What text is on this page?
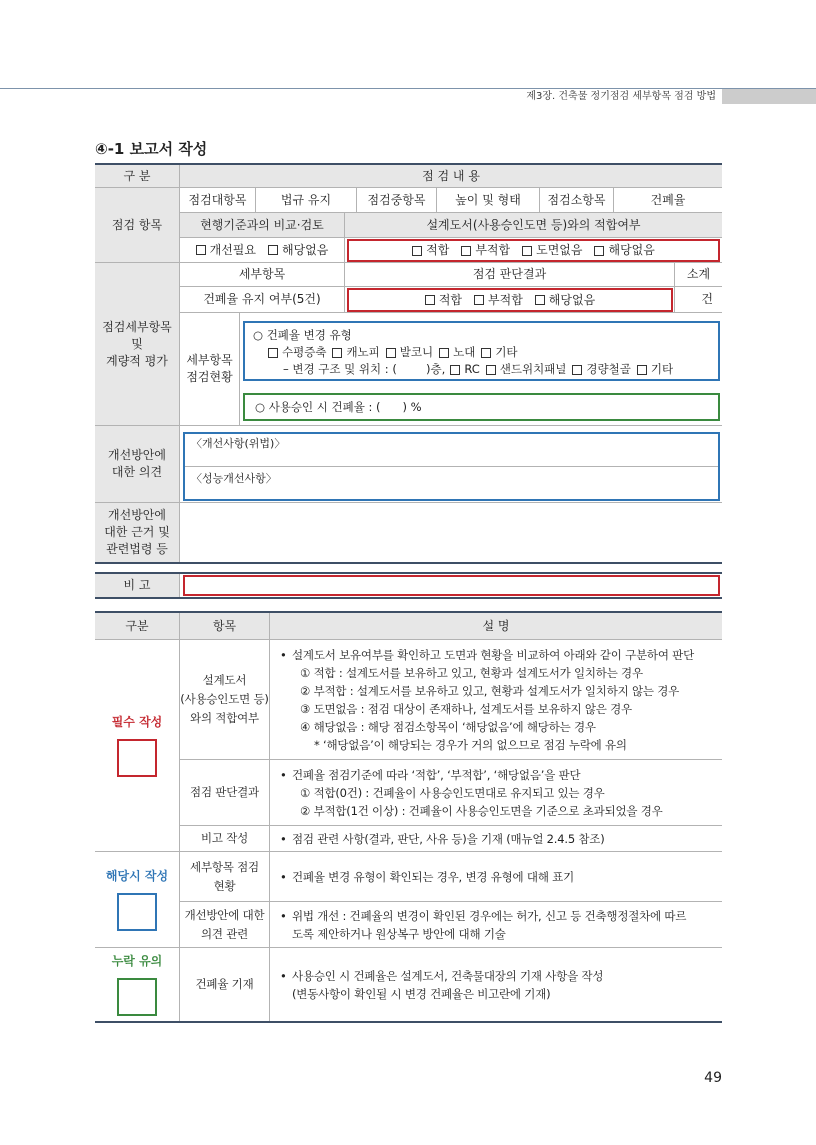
제3장. 건축물 정기점검 세부항목 점검 방법
④-1 보고서 작성
구 분	점 검 내 용
점검 항목
점검대항목	법규 유지	점검중항목	높이 및 형태	점검소항목	건폐율
현행기준과의 비교·검토	설계도서(사용승인도면 등)와의 적합여부
개선필요 해당없음	적합 부적합 도면없음 해당없음
점검세부항목
및
계량적 평가
세부항목	점검 판단결과	소계
건폐율 유지 여부(5건)	적합 부적합 해당없음	건
세부항목
점검현황
○ 건폐율 변경 유형
수평증축 캐노피 발코니 노대 기타
– 변경 구조 및 위치 : (        )층, RC 샌드위치패널 경량철골 기타
○ 사용승인 시 건폐율 : (      ) %
개선방안에
대한 의견
〈개선사항(위법)〉
〈성능개선사항〉
개선방안에
대한 근거 및
관련법령 등
비 고
구분	항목	설 명
필수 작성
설계도서
(사용승인도면 등)
와의 적합여부
• 설계도서 보유여부를 확인하고 도면과 현황을 비교하여 아래와 같이 구분하여 판단
① 적합 : 설계도서를 보유하고 있고, 현황과 설계도서가 일치하는 경우
② 부적합 : 설계도서를 보유하고 있고, 현황과 설계도서가 일치하지 않는 경우
③ 도면없음 : 점검 대상이 존재하나, 설계도서를 보유하지 않은 경우
④ 해당없음 : 해당 점검소항목이 ‘해당없음’에 해당하는 경우
* ‘해당없음’이 해당되는 경우가 거의 없으므로 점검 누락에 유의
점검 판단결과
• 건폐율 점검기준에 따라 ‘적합’, ‘부적합’, ‘해당없음’을 판단
① 적합(0건) : 건폐율이 사용승인도면대로 유지되고 있는 경우
② 부적합(1건 이상) : 건폐율이 사용승인도면을 기준으로 초과되었을 경우
비고 작성
•	점검 관련 사항(결과, 판단, 사유 등)을 기재 (매뉴얼 2.4.5 참조)
해당시 작성
세부항목 점검
현황
• 건폐율 변경 유형이 확인되는 경우, 변경 유형에 대해 표기
개선방안에 대한
의견 관련
• 위법 개선 : 건폐율의 변경이 확인된 경우에는 허가, 신고 등 건축행정절차에 따르
도록 제안하거나 원상복구 방안에 대해 기술
누락 유의
건폐율 기재
• 사용승인 시 건폐율은 설계도서, 건축물대장의 기재 사항을 작성
(변동사항이 확인될 시 변경 건폐율은 비고란에 기재)
49
